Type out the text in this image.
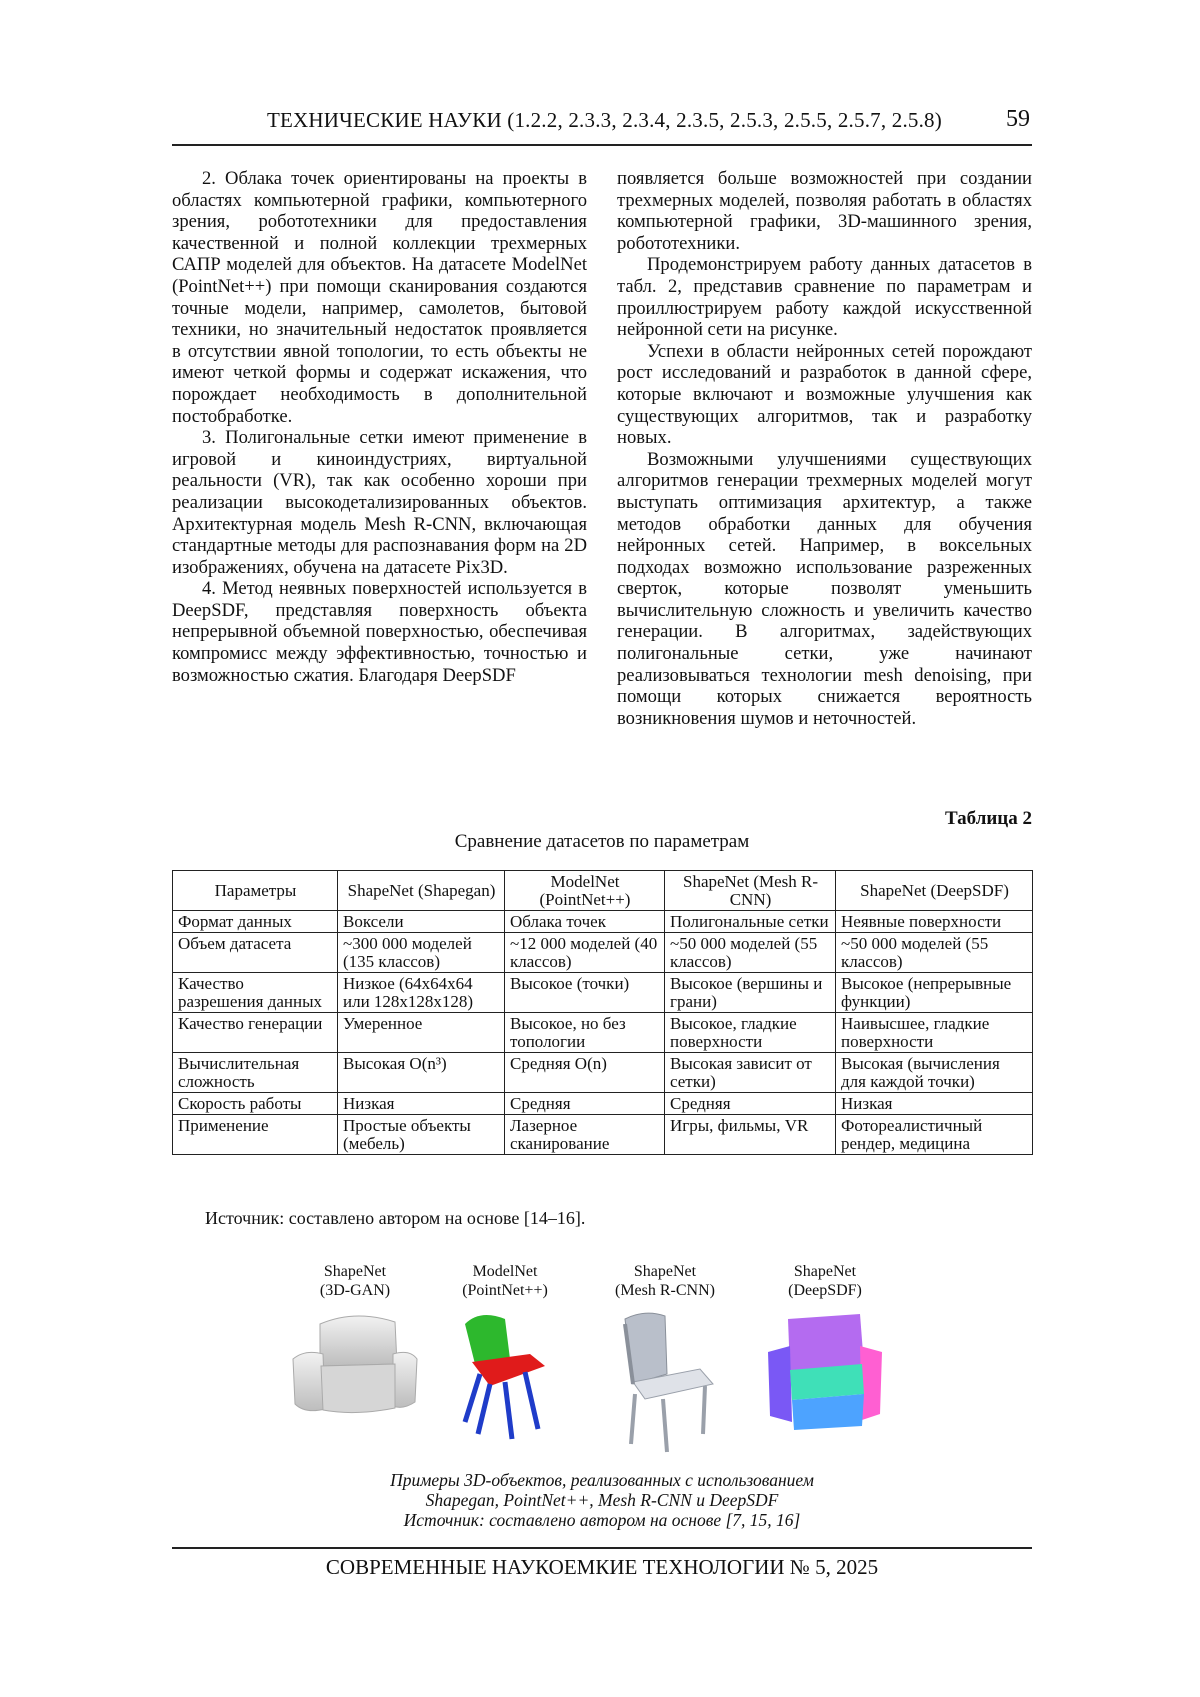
ТЕХНИЧЕСКИЕ НАУКИ (1.2.2, 2.3.3, 2.3.4, 2.3.5, 2.5.3, 2.5.5, 2.5.7, 2.5.8)	59

2. Облака точек ориентированы на проекты в областях компьютерной графики, компьютерного зрения, робототехники для предоставления качественной и полной коллекции трехмерных САПР моделей для объектов. На датасете ModelNet (PointNet++) при помощи сканирования создаются точные модели, например, самолетов, бытовой техники, но значительный недостаток проявляется в отсутствии явной топологии, то есть объекты не имеют четкой формы и содержат искажения, что порождает необходимость в дополнительной постобработке.

3. Полигональные сетки имеют применение в игровой и киноиндустриях, виртуальной реальности (VR), так как особенно хороши при реализации высокодетализированных объектов. Архитектурная модель Mesh R-CNN, включающая стандартные методы для распознавания форм на 2D изображениях, обучена на датасете Pix3D.

4. Метод неявных поверхностей используется в DeepSDF, представляя поверхность объекта непрерывной объемной поверхностью, обеспечивая компромисс между эффективностью, точностью и возможностью сжатия. Благодаря DeepSDF

появляется больше возможностей при создании трехмерных моделей, позволяя работать в областях компьютерной графики, 3D-машинного зрения, робототехники.

Продемонстрируем работу данных датасетов в табл. 2, представив сравнение по параметрам и проиллюстрируем работу каждой искусственной нейронной сети на рисунке.

Успехи в области нейронных сетей порождают рост исследований и разработок в данной сфере, которые включают и возможные улучшения как существующих алгоритмов, так и разработку новых.

Возможными улучшениями существующих алгоритмов генерации трехмерных моделей могут выступать оптимизация архитектур, а также методов обработки данных для обучения нейронных сетей. Например, в воксельных подходах возможно использование разреженных сверток, которые позволят уменьшить вычислительную сложность и увеличить качество генерации. В алгоритмах, задействующих полигональные сетки, уже начинают реализовываться технологии mesh denoising, при помощи которых снижается вероятность возникновения шумов и неточностей.

Таблица 2
Сравнение датасетов по параметрам
Параметры	ShapeNet (Shapegan)	ModelNet (PointNet++)	ShapeNet (Mesh R-CNN)	ShapeNet (DeepSDF)
Формат данных	Воксели	Облака точек	Полигональные сетки	Неявные поверхности
Объем датасета	~300 000 моделей (135 классов)	~12 000 моделей (40 классов)	~50 000 моделей (55 классов)	~50 000 моделей (55 классов)
Качество разрешения данных	Низкое (64x64x64 или 128x128x128)	Высокое (точки)	Высокое (вершины и грани)	Высокое (непрерывные функции)
Качество генерации	Умеренное	Высокое, но без топологии	Высокое, гладкие поверхности	Наивысшее, гладкие поверхности
Вычислительная сложность	Высокая O(n³)	Средняя O(n)	Высокая зависит от сетки)	Высокая (вычисления для каждой точки)
Скорость работы	Низкая	Средняя	Средняя	Низкая
Применение	Простые объекты (мебель)	Лазерное сканирование	Игры, фильмы, VR	Фотореалистичный рендер, медицина
Источник: составлено автором на основе [14–16].
ShapeNet
(3D-GAN)
ModelNet
(PointNet++)
ShapeNet
(Mesh R-CNN)
ShapeNet
(DeepSDF)
Примеры 3D-объектов, реализованных с использованием
Shapegan, PointNet++, Mesh R-CNN и DeepSDF
Источник: составлено автором на основе [7, 15, 16]
СОВРЕМЕННЫЕ НАУКОЕМКИЕ ТЕХНОЛОГИИ № 5, 2025
